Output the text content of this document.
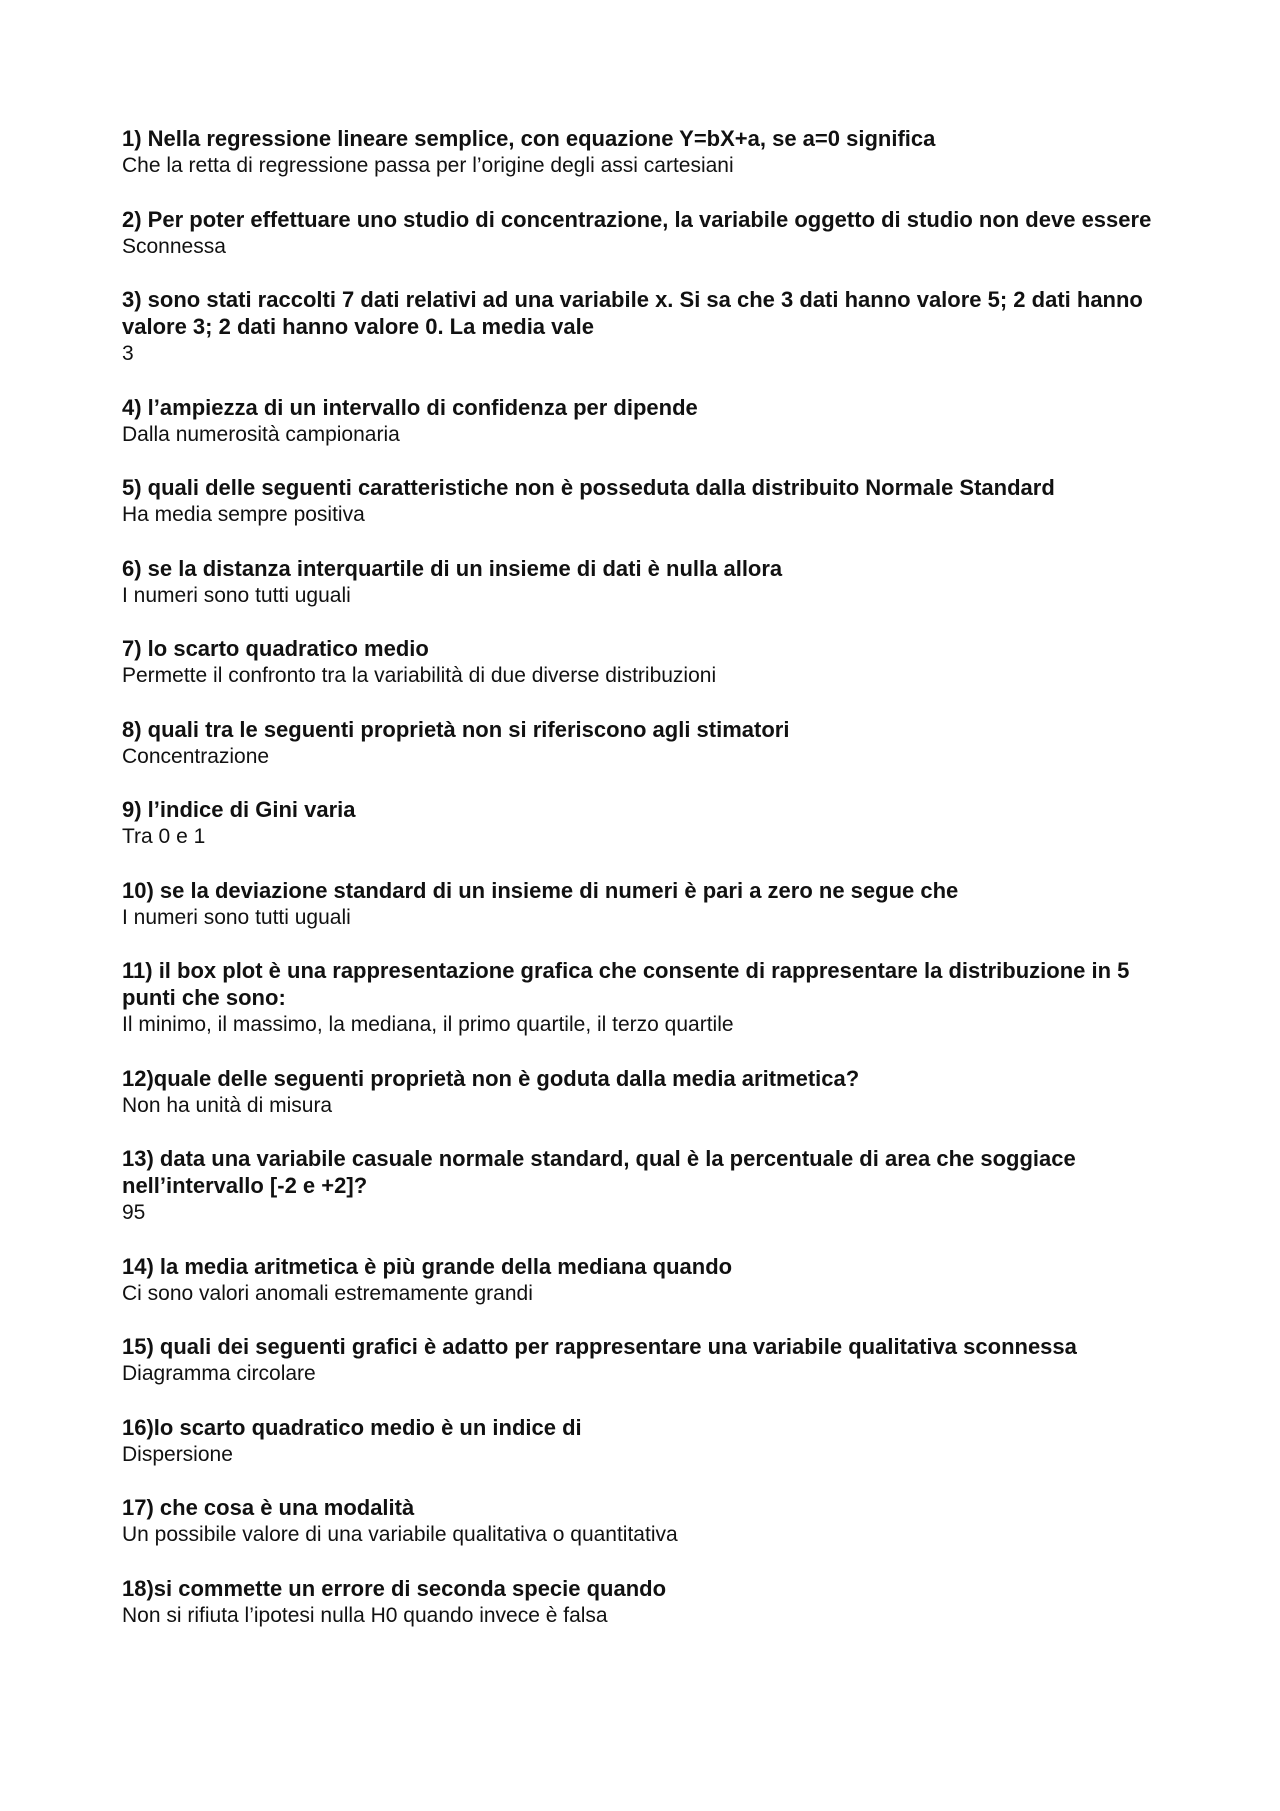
1) Nella regressione lineare semplice, con equazione Y=bX+a, se a=0 significa

Che la retta di regressione passa per l’origine degli assi cartesiani

2) Per poter effettuare uno studio di concentrazione, la variabile oggetto di studio non deve essere

Sconnessa

3) sono stati raccolti 7 dati relativi ad una variabile x. Si sa che 3 dati hanno valore 5; 2 dati hanno valore 3; 2 dati hanno valore 0. La media vale

3

4) l’ampiezza di un intervallo di confidenza per dipende

Dalla numerosità campionaria

5) quali delle seguenti caratteristiche non è posseduta dalla distribuito Normale Standard

Ha media sempre positiva

6) se la distanza interquartile di un insieme di dati è nulla allora

I numeri sono tutti uguali

7) lo scarto quadratico medio

Permette il confronto tra la variabilità di due diverse distribuzioni

8) quali tra le seguenti proprietà non si riferiscono agli stimatori

Concentrazione

9) l’indice di Gini varia

Tra 0 e 1

10) se la deviazione standard di un insieme di numeri è pari a zero ne segue che

I numeri sono tutti uguali

11) il box plot è una rappresentazione grafica che consente di rappresentare la distribuzione in 5 punti che sono:

Il minimo, il massimo, la mediana, il primo quartile, il terzo quartile

12)quale delle seguenti proprietà non è goduta dalla media aritmetica?

Non ha unità di misura

13) data una variabile casuale normale standard, qual è la percentuale di area che soggiace nell’intervallo [-2 e +2]?

95

14) la media aritmetica è più grande della mediana quando

Ci sono valori anomali estremamente grandi

15) quali dei seguenti grafici è adatto per rappresentare una variabile qualitativa sconnessa

Diagramma circolare

16)lo scarto quadratico medio è un indice di

Dispersione

17) che cosa è una modalità

Un possibile valore di una variabile qualitativa o quantitativa

18)si commette un errore di seconda specie quando

Non si rifiuta l’ipotesi nulla H0 quando invece è falsa
